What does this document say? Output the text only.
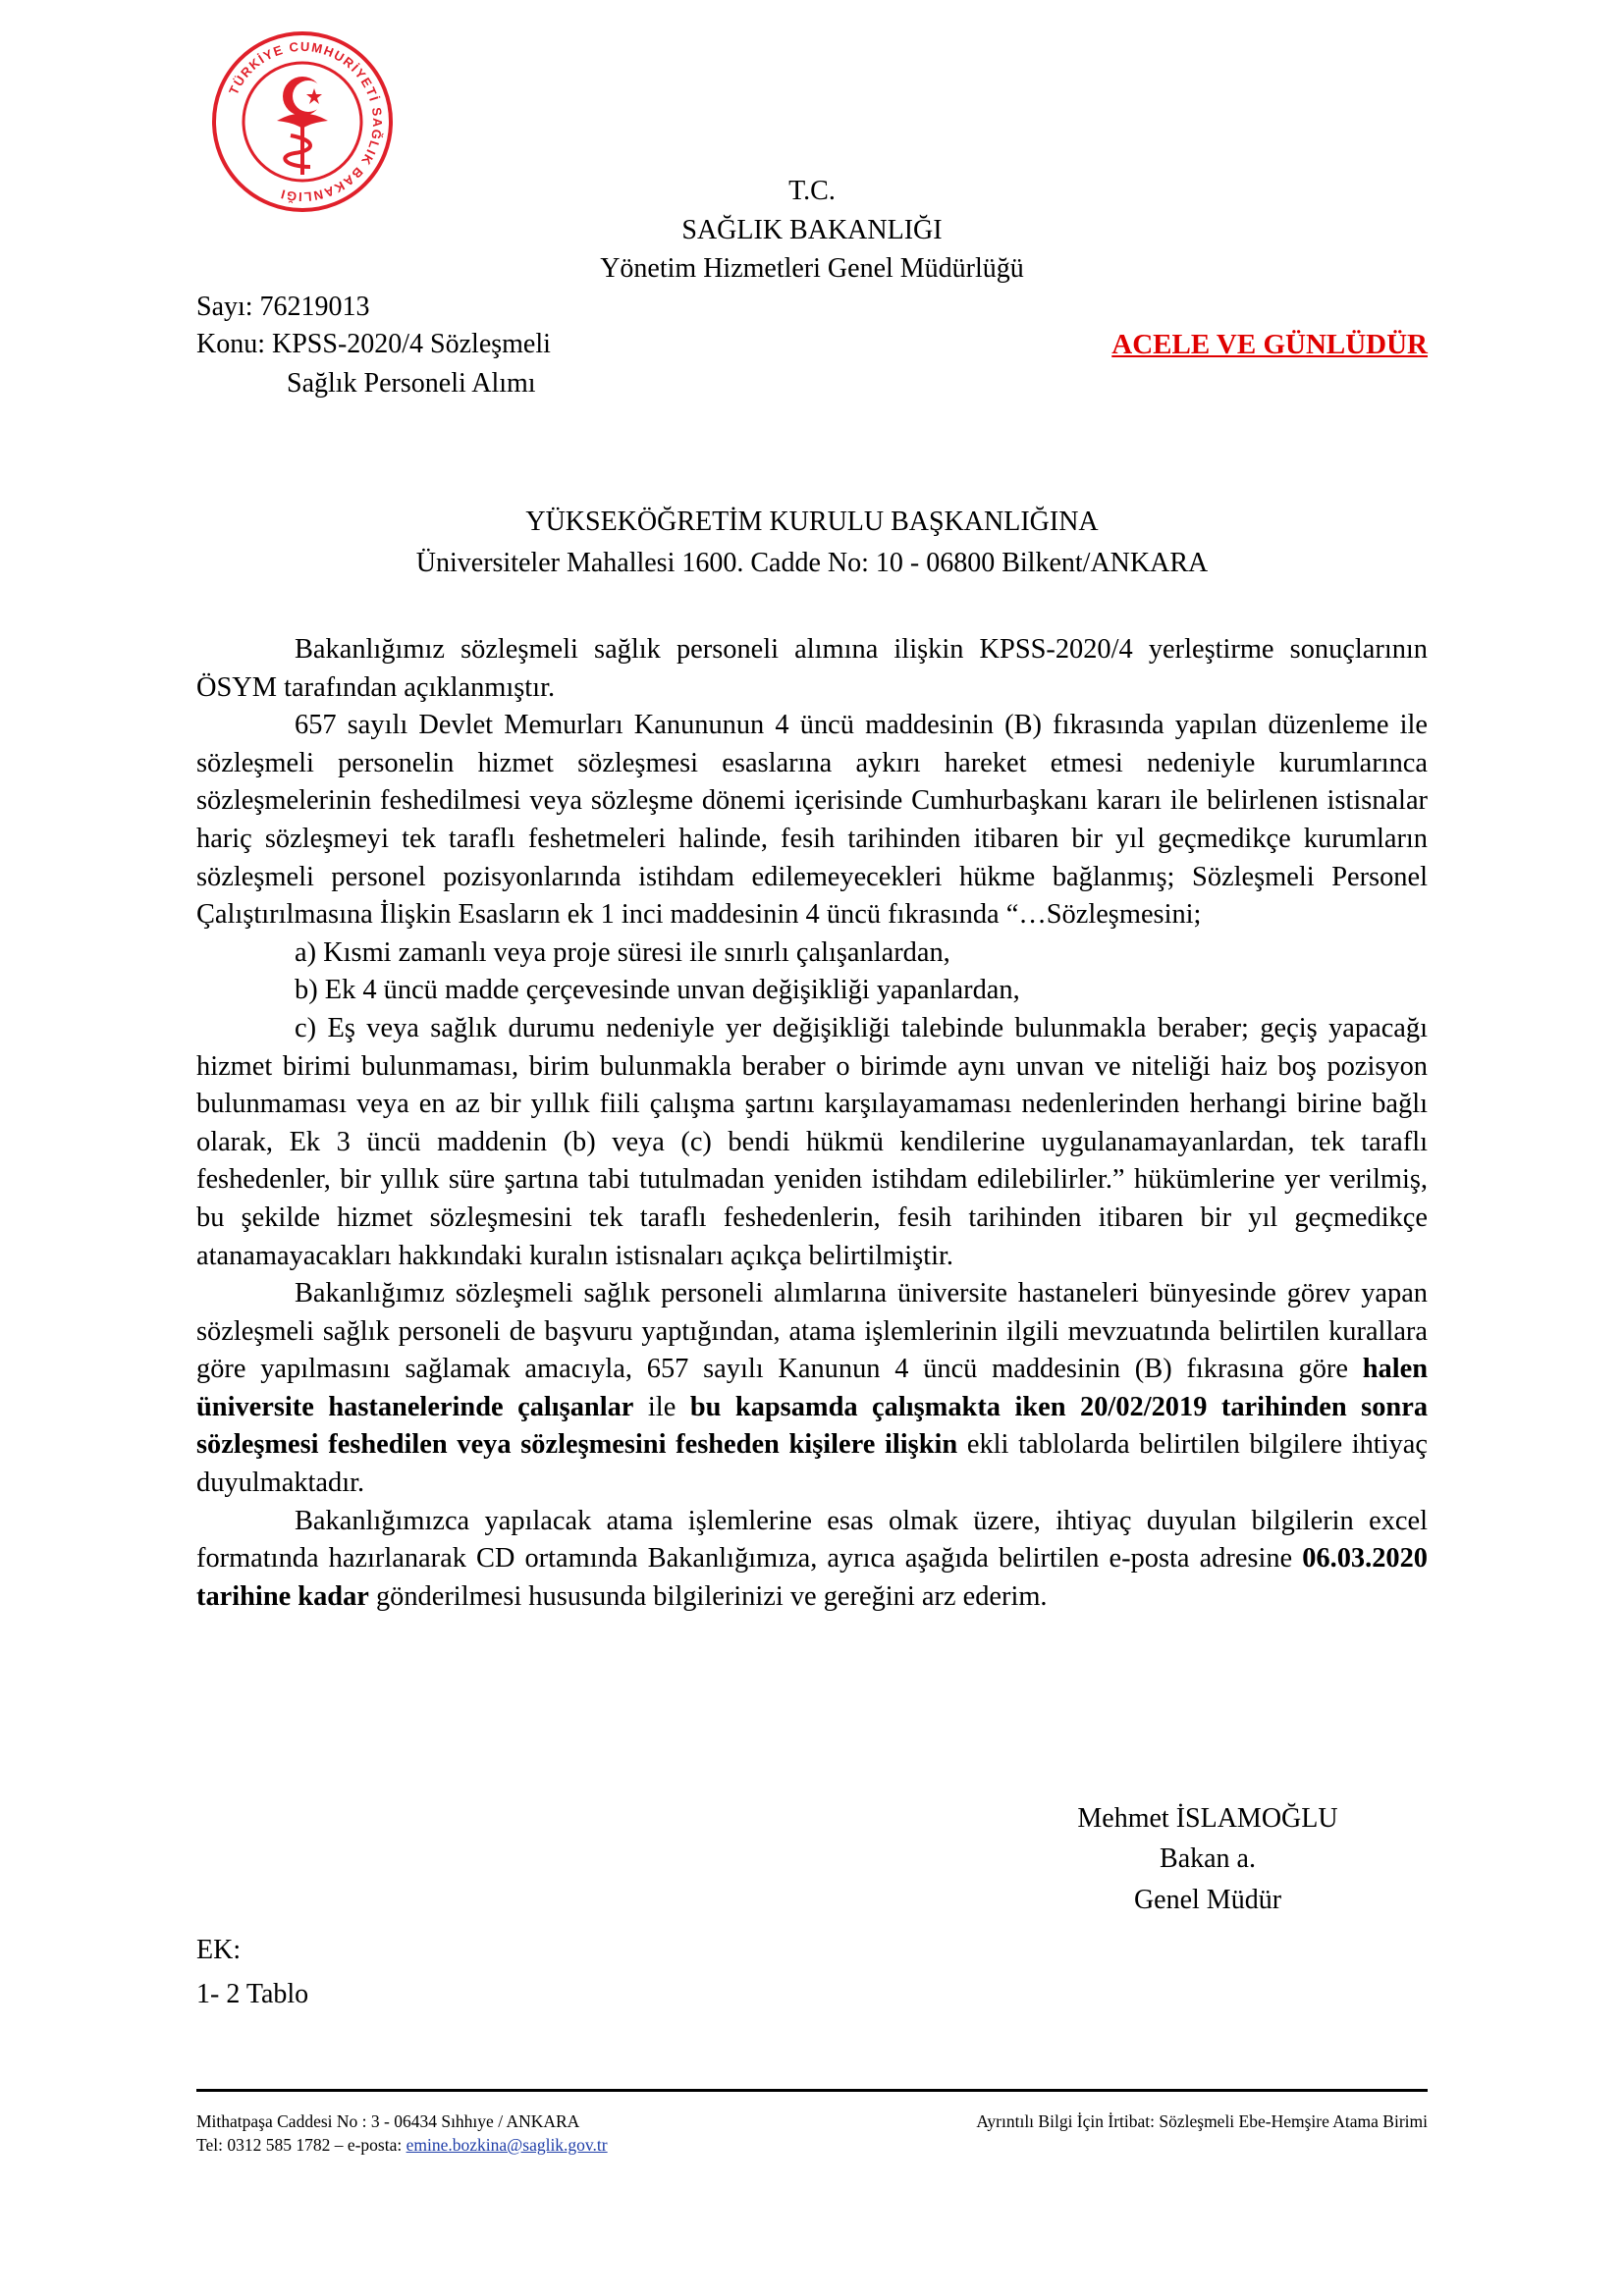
TÜRKİYE CUMHURİYETİ SAĞLIK BAKANLIĞI	T.C.
SAĞLIK BAKANLIĞI
Yönetim Hizmetleri Genel Müdürlüğü
Sayı: 76219013
Konu: KPSS-2020/4 Sözleşmeli
Sağlık Personeli Alımı
ACELE VE GÜNLÜDÜR
YÜKSEKÖĞRETİM KURULU BAŞKANLIĞINA
Üniversiteler Mahallesi 1600. Cadde No: 10 - 06800 Bilkent/ANKARA

Bakanlığımız sözleşmeli sağlık personeli alımına ilişkin KPSS-2020/4 yerleştirme sonuçlarının ÖSYM tarafından açıklanmıştır.

657 sayılı Devlet Memurları Kanununun 4 üncü maddesinin (B) fıkrasında yapılan düzenleme ile sözleşmeli personelin hizmet sözleşmesi esaslarına aykırı hareket etmesi nedeniyle kurumlarınca sözleşmelerinin feshedilmesi veya sözleşme dönemi içerisinde Cumhurbaşkanı kararı ile belirlenen istisnalar hariç sözleşmeyi tek taraflı feshetmeleri halinde, fesih tarihinden itibaren bir yıl geçmedikçe kurumların sözleşmeli personel pozisyonlarında istihdam edilemeyecekleri hükme bağlanmış; Sözleşmeli Personel Çalıştırılmasına İlişkin Esasların ek 1 inci maddesinin 4 üncü fıkrasında “…Sözleşmesini;

a) Kısmi zamanlı veya proje süresi ile sınırlı çalışanlardan,

b) Ek 4 üncü madde çerçevesinde unvan değişikliği yapanlardan,

c) Eş veya sağlık durumu nedeniyle yer değişikliği talebinde bulunmakla beraber; geçiş yapacağı hizmet birimi bulunmaması, birim bulunmakla beraber o birimde aynı unvan ve niteliği haiz boş pozisyon bulunmaması veya en az bir yıllık fiili çalışma şartını karşılayamaması nedenlerinden herhangi birine bağlı olarak, Ek 3 üncü maddenin (b) veya (c) bendi hükmü kendilerine uygulanamayanlardan, tek taraflı feshedenler, bir yıllık süre şartına tabi tutulmadan yeniden istihdam edilebilirler.” hükümlerine yer verilmiş, bu şekilde hizmet sözleşmesini tek taraflı feshedenlerin, fesih tarihinden itibaren bir yıl geçmedikçe atanamayacakları hakkındaki kuralın istisnaları açıkça belirtilmiştir.

Bakanlığımız sözleşmeli sağlık personeli alımlarına üniversite hastaneleri bünyesinde görev yapan sözleşmeli sağlık personeli de başvuru yaptığından, atama işlemlerinin ilgili mevzuatında belirtilen kurallara göre yapılmasını sağlamak amacıyla, 657 sayılı Kanunun 4 üncü maddesinin (B) fıkrasına göre halen üniversite hastanelerinde çalışanlar ile bu kapsamda çalışmakta iken 20/02/2019 tarihinden sonra sözleşmesi feshedilen veya sözleşmesini fesheden kişilere ilişkin ekli tablolarda belirtilen bilgilere ihtiyaç duyulmaktadır.

Bakanlığımızca yapılacak atama işlemlerine esas olmak üzere, ihtiyaç duyulan bilgilerin excel formatında hazırlanarak CD ortamında Bakanlığımıza, ayrıca aşağıda belirtilen e-posta adresine 06.03.2020 tarihine kadar gönderilmesi hususunda bilgilerinizi ve gereğini arz ederim.

Mehmet İSLAMOĞLU
Bakan a.
Genel Müdür
EK:
1- 2 Tablo
Mithatpaşa Caddesi No : 3 - 06434 Sıhhıye / ANKARA
Tel: 0312 585 1782 – e-posta: emine.bozkina@saglik.gov.tr
Ayrıntılı Bilgi İçin İrtibat: Sözleşmeli Ebe-Hemşire Atama Birimi
